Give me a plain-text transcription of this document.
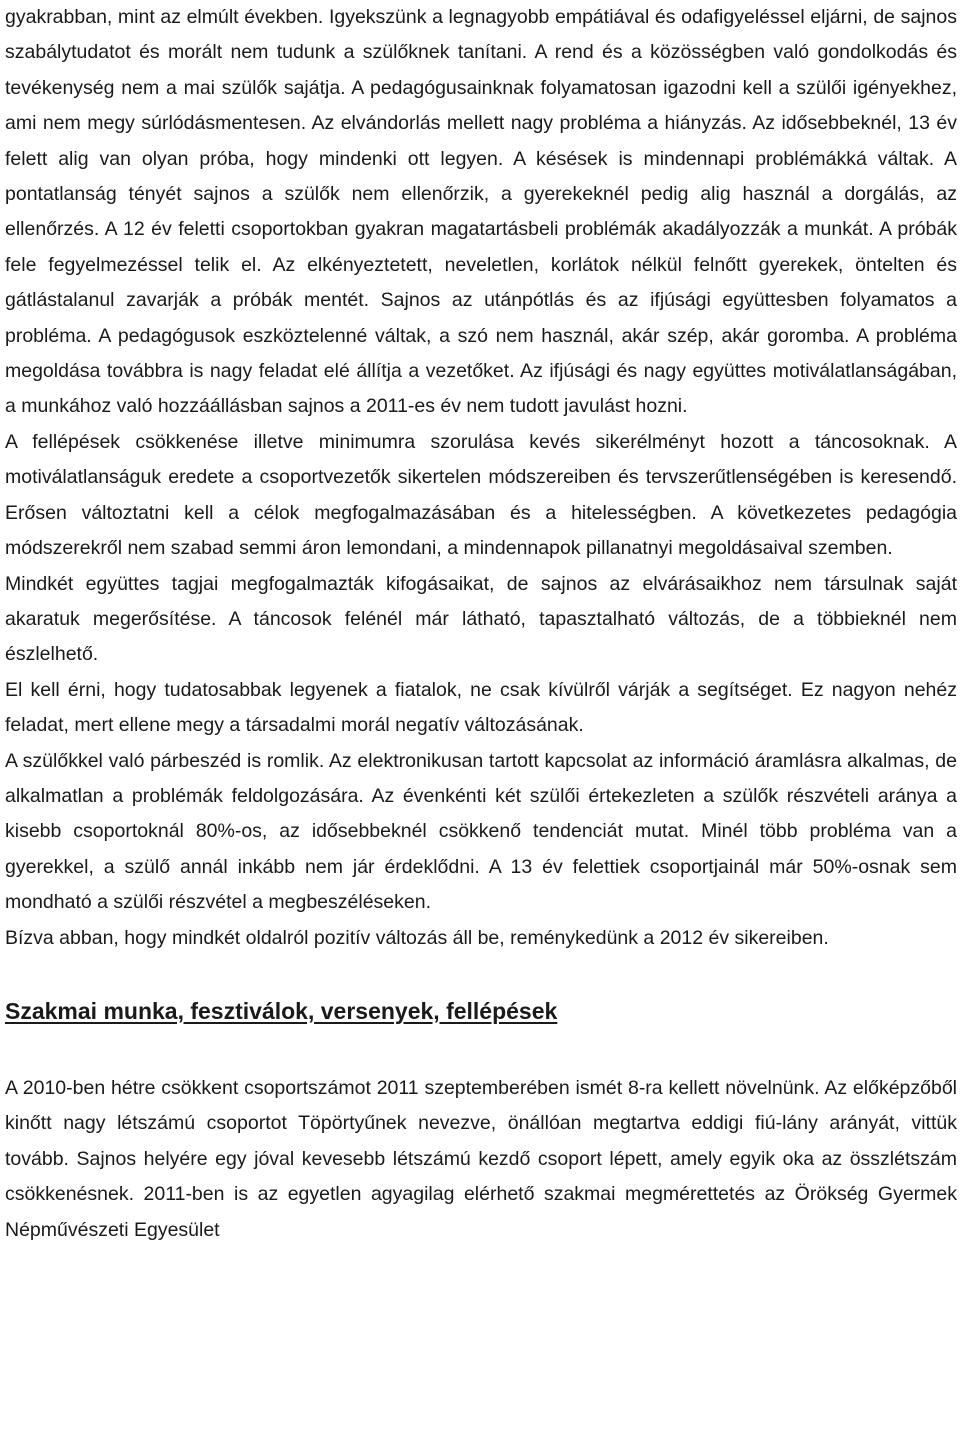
gyakrabban, mint az elmúlt években. Igyekszünk a legnagyobb empátiával és odafigyeléssel eljárni, de sajnos szabálytudatot és morált nem tudunk a szülőknek tanítani. A rend és a közösségben való gondolkodás és tevékenység nem a mai szülők sajátja. A pedagógusainknak folyamatosan igazodni kell a szülői igényekhez, ami nem megy súrlódásmentesen. Az elvándorlás mellett nagy probléma a hiányzás. Az idősebbeknél, 13 év felett alig van olyan próba, hogy mindenki ott legyen. A késések is mindennapi problémákká váltak. A pontatlanság tényét sajnos a szülők nem ellenőrzik, a gyerekeknél pedig alig használ a dorgálás, az ellenőrzés. A 12 év feletti csoportokban gyakran magatartásbeli problémák akadályozzák a munkát. A próbák fele fegyelmezéssel telik el. Az elkényeztetett, neveletlen, korlátok nélkül felnőtt gyerekek, öntelten és gátlástalanul zavarják a próbák mentét. Sajnos az utánpótlás és az ifjúsági együttesben folyamatos a probléma. A pedagógusok eszköztelenné váltak, a szó nem használ, akár szép, akár goromba. A probléma megoldása továbbra is nagy feladat elé állítja a vezetőket. Az ifjúsági és nagy együttes motiválatlanságában, a munkához való hozzáállásban sajnos a 2011-es év nem tudott javulást hozni.

A fellépések csökkenése illetve minimumra szorulása kevés sikerélményt hozott a táncosoknak. A motiválatlanságuk eredete a csoportvezetők sikertelen módszereiben és tervszerűtlenségében is keresendő. Erősen változtatni kell a célok megfogalmazásában és a hitelességben. A következetes pedagógia módszerekről nem szabad semmi áron lemondani, a mindennapok pillanatnyi megoldásaival szemben.

Mindkét együttes tagjai megfogalmazták kifogásaikat, de sajnos az elvárásaikhoz nem társulnak saját akaratuk megerősítése. A táncosok felénél már látható, tapasztalható változás, de a többieknél nem észlelhető.

El kell érni, hogy tudatosabbak legyenek a fiatalok, ne csak kívülről várják a segítséget. Ez nagyon nehéz feladat, mert ellene megy a társadalmi morál negatív változásának.

A szülőkkel való párbeszéd is romlik. Az elektronikusan tartott kapcsolat az információ áramlásra alkalmas, de alkalmatlan a problémák feldolgozására. Az évenkénti két szülői értekezleten a szülők részvételi aránya a kisebb csoportoknál 80%-os, az idősebbeknél csökkenő tendenciát mutat. Minél több probléma van a gyerekkel, a szülő annál inkább nem jár érdeklődni. A 13 év felettiek csoportjainál már 50%-osnak sem mondható a szülői részvétel a megbeszéléseken.

Bízva abban, hogy mindkét oldalról pozitív változás áll be, reménykedünk a 2012 év sikereiben.

Szakmai munka, fesztiválok, versenyek, fellépések

A 2010-ben hétre csökkent csoportszámot 2011 szeptemberében ismét 8-ra kellett növelnünk. Az előképzőből kinőtt nagy létszámú csoportot Töpörtyűnek nevezve, önállóan megtartva eddigi fiú-lány arányát, vittük tovább. Sajnos helyére egy jóval kevesebb létszámú kezdő csoport lépett, amely egyik oka az összlétszám csökkenésnek. 2011-ben is az egyetlen agyagilag elérhető szakmai megmérettetés az Örökség Gyermek Népművészeti Egyesület
